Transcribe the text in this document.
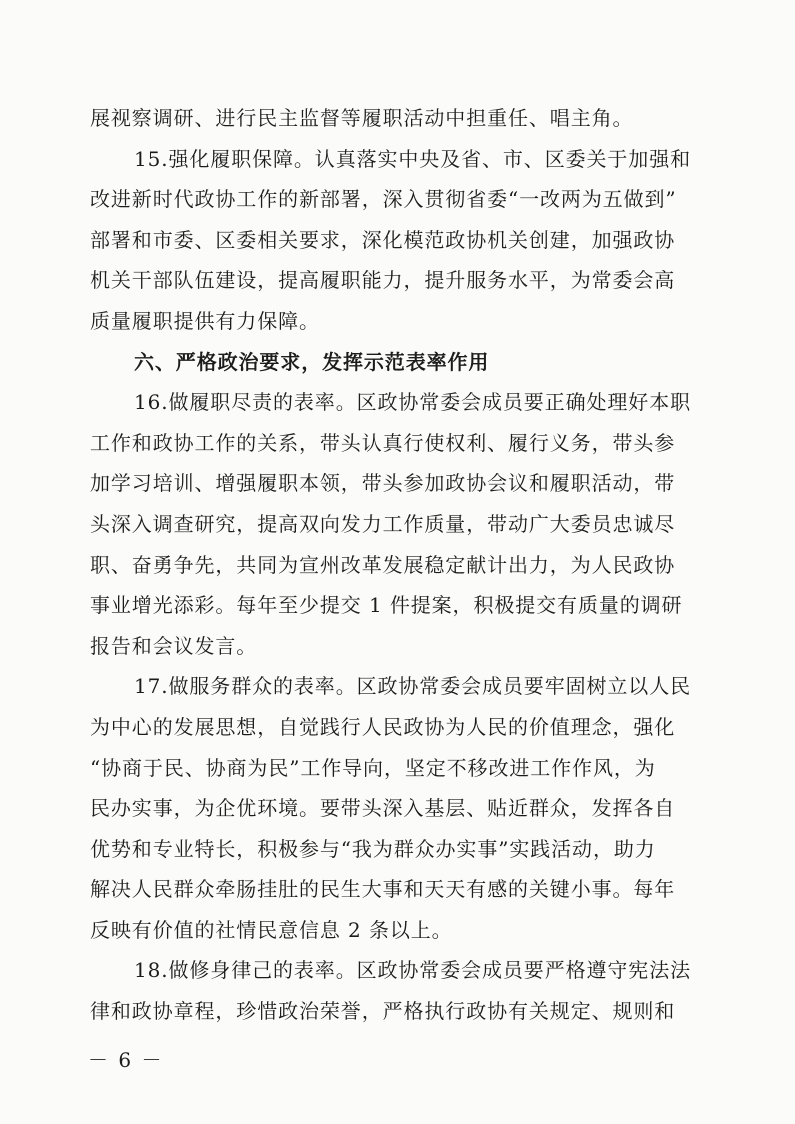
展视察调研、进行民主监督等履职活动中担重任、唱主角。
15.强化履职保障。认真落实中央及省、市、区委关于加强和
改进新时代政协工作的新部署，深入贯彻省委“一改两为五做到”
部署和市委、区委相关要求，深化模范政协机关创建，加强政协
机关干部队伍建设，提高履职能力，提升服务水平，为常委会高
质量履职提供有力保障。
六、严格政治要求，发挥示范表率作用
16.做履职尽责的表率。区政协常委会成员要正确处理好本职
工作和政协工作的关系，带头认真行使权利、履行义务，带头参
加学习培训、增强履职本领，带头参加政协会议和履职活动，带
头深入调查研究，提高双向发力工作质量，带动广大委员忠诚尽
职、奋勇争先，共同为宣州改革发展稳定献计出力，为人民政协
事业增光添彩。每年至少提交 1 件提案，积极提交有质量的调研
报告和会议发言。
17.做服务群众的表率。区政协常委会成员要牢固树立以人民
为中心的发展思想，自觉践行人民政协为人民的价值理念，强化
“协商于民、协商为民”工作导向，坚定不移改进工作作风，为
民办实事，为企优环境。要带头深入基层、贴近群众，发挥各自
优势和专业特长，积极参与“我为群众办实事”实践活动，助力
解决人民群众牵肠挂肚的民生大事和天天有感的关键小事。每年
反映有价值的社情民意信息 2 条以上。
18.做修身律己的表率。区政协常委会成员要严格遵守宪法法
律和政协章程，珍惜政治荣誉，严格执行政协有关规定、规则和
－ 6 －
